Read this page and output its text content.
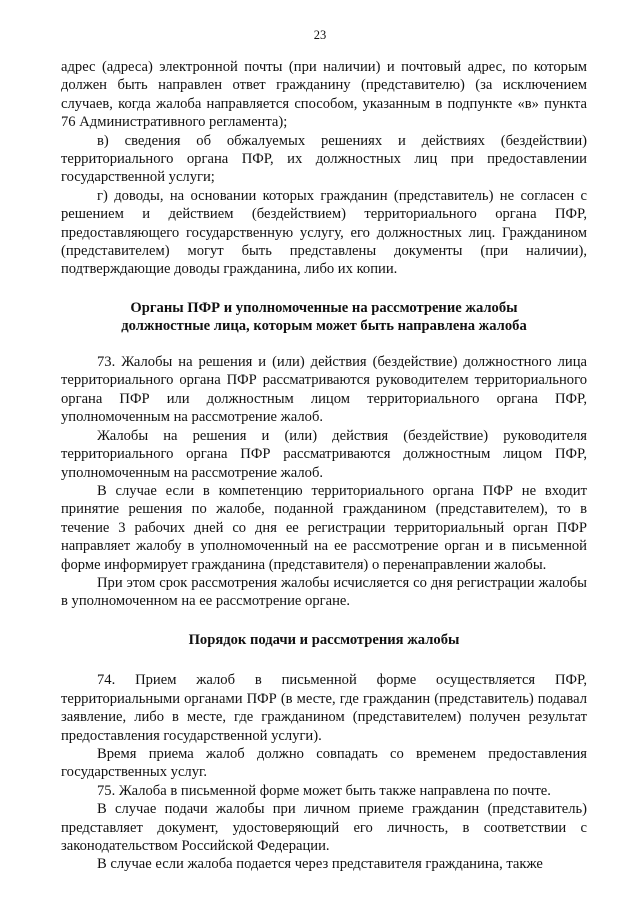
23

адрес (адреса) электронной почты (при наличии) и почтовый адрес, по которым должен быть направлен ответ гражданину (представителю) (за исключением случаев, когда жалоба направляется способом, указанным в подпункте «в» пункта 76 Административного регламента);

в) сведения об обжалуемых решениях и действиях (бездействии) территориального органа ПФР, их должностных лиц при предоставлении государственной услуги;

г) доводы, на основании которых гражданин (представитель) не согласен с решением и действием (бездействием) территориального органа ПФР, предоставляющего государственную услугу, его должностных лиц. Гражданином (представителем) могут быть представлены документы (при наличии), подтверждающие доводы гражданина, либо их копии.

Органы ПФР и уполномоченные на рассмотрение жалобы
должностные лица, которым может быть направлена жалоба

73. Жалобы на решения и (или) действия (бездействие) должностного лица территориального органа ПФР рассматриваются руководителем территориального органа ПФР или должностным лицом территориального органа ПФР, уполномоченным на рассмотрение жалоб.

Жалобы на решения и (или) действия (бездействие) руководителя территориального органа ПФР рассматриваются должностным лицом ПФР, уполномоченным на рассмотрение жалоб.

В случае если в компетенцию территориального органа ПФР не входит принятие решения по жалобе, поданной гражданином (представителем), то в течение 3 рабочих дней со дня ее регистрации территориальный орган ПФР направляет жалобу в уполномоченный на ее рассмотрение орган и в письменной форме информирует гражданина (представителя) о перенаправлении жалобы.

При этом срок рассмотрения жалобы исчисляется со дня регистрации жалобы в уполномоченном на ее рассмотрение органе.

Порядок подачи и рассмотрения жалобы

74. Прием жалоб в письменной форме осуществляется ПФР, территориальными органами ПФР (в месте, где гражданин (представитель) подавал заявление, либо в месте, где гражданином (представителем) получен результат предоставления государственной услуги).

Время приема жалоб должно совпадать со временем предоставления государственных услуг.

75. Жалоба в письменной форме может быть также направлена по почте.

В случае подачи жалобы при личном приеме гражданин (представитель) представляет документ, удостоверяющий его личность, в соответствии с законодательством Российской Федерации.

В случае если жалоба подается через представителя гражданина, также
